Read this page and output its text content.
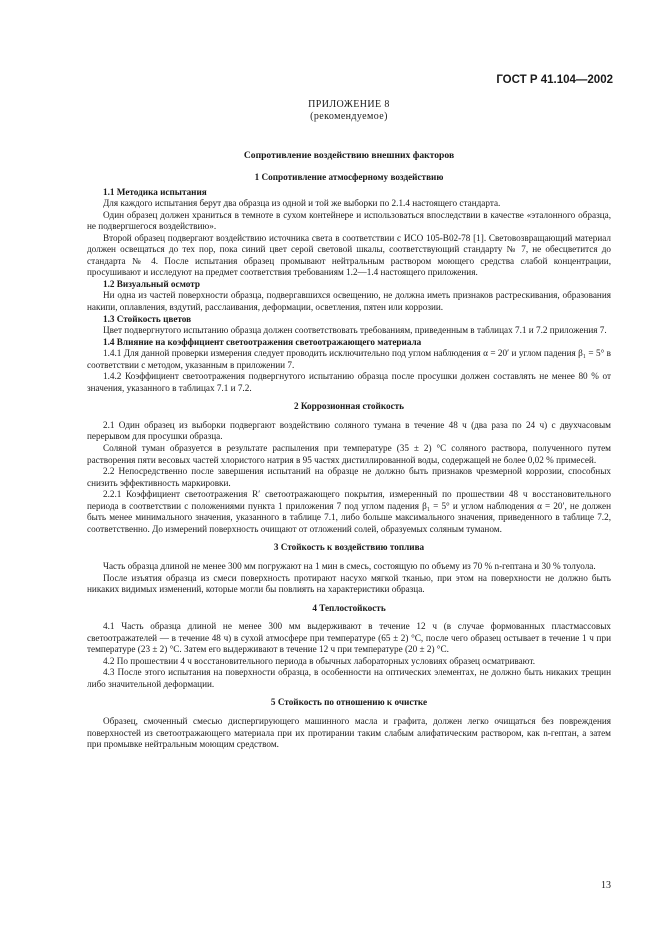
ГОСТ Р 41.104—2002
ПРИЛОЖЕНИЕ 8
(рекомендуемое)
Сопротивление воздействию внешних факторов
1 Сопротивление атмосферному воздействию
1.1 Методика испытания

Для каждого испытания берут два образца из одной и той же выборки по 2.1.4 настоящего стандарта.

Один образец должен храниться в темноте в сухом контейнере и использоваться впоследствии в качестве «эталонного образца, не подвергшегося воздействию».

Второй образец подвергают воздействию источника света в соответствии с ИСО 105-В02-78 [1]. Световозвращающий материал должен освещаться до тех пор, пока синий цвет серой световой шкалы, соответствующий стандарту № 7, не обесцветится до стандарта № 4. После испытания образец промывают нейтральным раствором моющего средства слабой концентрации, просушивают и исследуют на предмет соответствия требованиям 1.2—1.4 настоящего приложения.

1.2 Визуальный осмотр

Ни одна из частей поверхности образца, подвергавшихся освещению, не должна иметь признаков растрескивания, образования накипи, оплавления, вздутий, расслаивания, деформации, осветления, пятен или коррозии.

1.3 Стойкость цветов

Цвет подвергнутого испытанию образца должен соответствовать требованиям, приведенным в таблицах 7.1 и 7.2 приложения 7.

1.4 Влияние на коэффициент светоотражения светоотражающего материала

1.4.1 Для данной проверки измерения следует проводить исключительно под углом наблюдения α = 20′ и углом падения β₁ = 5° в соответствии с методом, указанным в приложении 7.

1.4.2 Коэффициент светоотражения подвергнутого испытанию образца после просушки должен составлять не менее 80 % от значения, указанного в таблицах 7.1 и 7.2.

2 Коррозионная стойкость

2.1 Один образец из выборки подвергают воздействию соляного тумана в течение 48 ч (два раза по 24 ч) с двухчасовым перерывом для просушки образца.

Соляной туман образуется в результате распыления при температуре (35 ± 2) °С соляного раствора, полученного путем растворения пяти весовых частей хлористого натрия в 95 частях дистиллированной воды, содержащей не более 0,02 % примесей.

2.2 Непосредственно после завершения испытаний на образце не должно быть признаков чрезмерной коррозии, способных снизить эффективность маркировки.

2.2.1 Коэффициент светоотражения R′ светоотражающего покрытия, измеренный по прошествии 48 ч восстановительного периода в соответствии с положениями пункта 1 приложения 7 под углом падения β₁ = 5° и углом наблюдения α = 20′, не должен быть менее минимального значения, указанного в таблице 7.1, либо больше максимального значения, приведенного в таблице 7.2, соответственно. До измерений поверхность очищают от отложений солей, образуемых соляным туманом.

3 Стойкость к воздействию топлива

Часть образца длиной не менее 300 мм погружают на 1 мин в смесь, состоящую по объему из 70 % n-гептана и 30 % толуола.

После изъятия образца из смеси поверхность протирают насухо мягкой тканью, при этом на поверхности не должно быть никаких видимых изменений, которые могли бы повлиять на характеристики образца.

4 Теплостойкость

4.1 Часть образца длиной не менее 300 мм выдерживают в течение 12 ч (в случае формованных пластмассовых светоотражателей — в течение 48 ч) в сухой атмосфере при температуре (65 ± 2) °С, после чего образец остывает в течение 1 ч при температуре (23 ± 2) °С. Затем его выдерживают в течение 12 ч при температуре (20 ± 2) °С.

4.2 По прошествии 4 ч восстановительного периода в обычных лабораторных условиях образец осматривают.

4.3 После этого испытания на поверхности образца, в особенности на оптических элементах, не должно быть никаких трещин либо значительной деформации.

5 Стойкость по отношению к очистке

Образец, смоченный смесью диспергирующего машинного масла и графита, должен легко очищаться без повреждения поверхностей из светоотражающего материала при их протирании таким слабым алифатическим раствором, как n-гептан, а затем при промывке нейтральным моющим средством.

13
